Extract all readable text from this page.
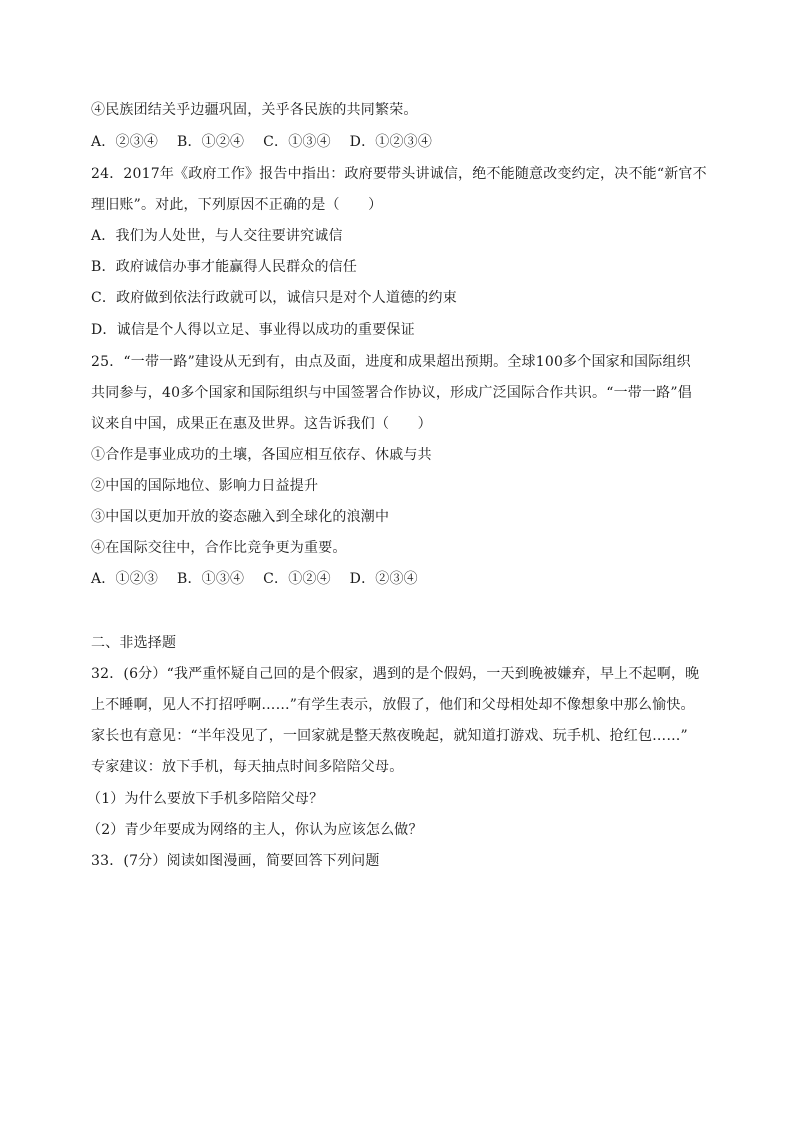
④民族团结关乎边疆巩固，关乎各民族的共同繁荣。
A．②③④　 B．①②④　 C．①③④　 D．①②③④
24．2017年《政府工作》报告中指出：政府要带头讲诚信，绝不能随意改变约定，决不能“新官不
理旧账”。对此，下列原因不正确的是（　　）
A．我们为人处世，与人交往要讲究诚信
B．政府诚信办事才能赢得人民群众的信任
C．政府做到依法行政就可以，诚信只是对个人道德的约束
D．诚信是个人得以立足、事业得以成功的重要保证
25．“一带一路”建设从无到有，由点及面，进度和成果超出预期。全球100多个国家和国际组织
共同参与，40多个国家和国际组织与中国签署合作协议，形成广泛国际合作共识。“一带一路”倡
议来自中国，成果正在惠及世界。这告诉我们（　　）
①合作是事业成功的土壤，各国应相互依存、休戚与共
②中国的国际地位、影响力日益提升
③中国以更加开放的姿态融入到全球化的浪潮中
④在国际交往中，合作比竞争更为重要。
A．①②③　 B．①③④　 C．①②④　 D．②③④
二、非选择题
32．(6分）“我严重怀疑自己回的是个假家，遇到的是个假妈，一天到晚被嫌弃，早上不起啊，晚
上不睡啊，见人不打招呼啊……”有学生表示，放假了，他们和父母相处却不像想象中那么愉快。
家长也有意见：“半年没见了，一回家就是整天熬夜晚起，就知道打游戏、玩手机、抢红包……”
专家建议：放下手机，每天抽点时间多陪陪父母。
（1）为什么要放下手机多陪陪父母？
（2）青少年要成为网络的主人，你认为应该怎么做？
33．(7分）阅读如图漫画，简要回答下列问题
